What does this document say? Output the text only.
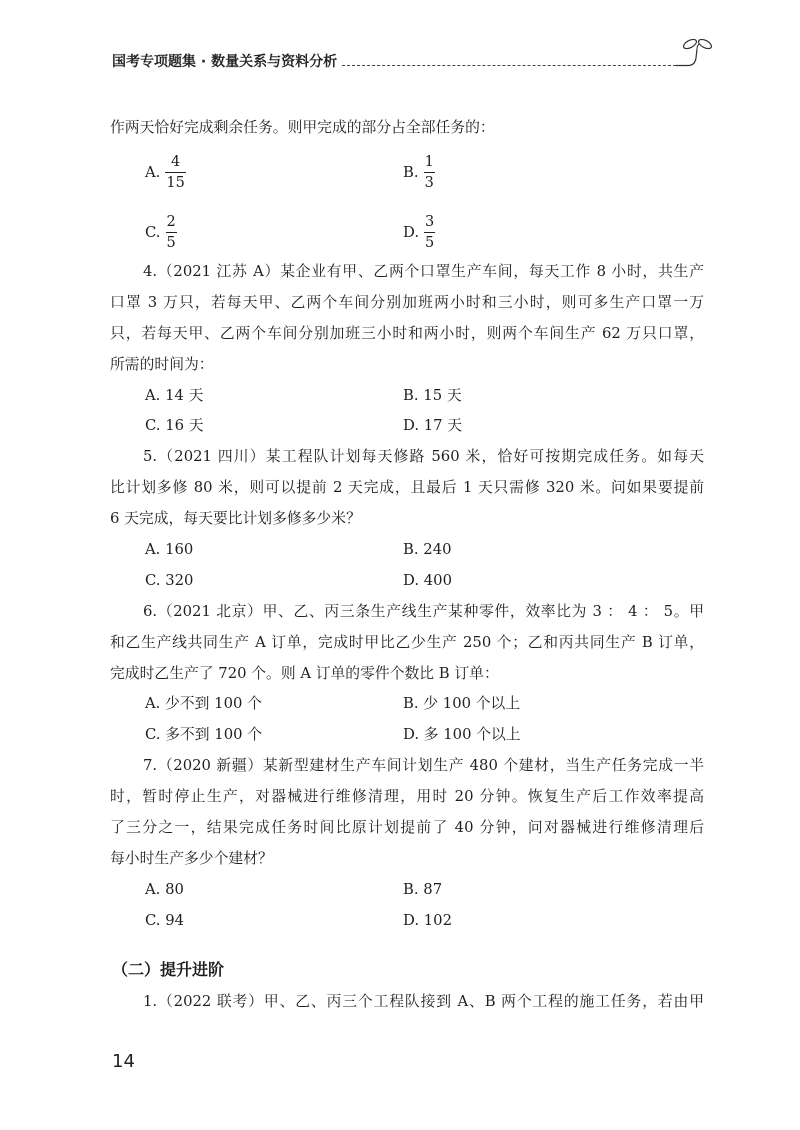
国考专项题集 · 数量关系与资料分析
作两天恰好完成剩余任务。则甲完成的部分占全部任务的：
A. $\frac{4}{15}$	B. $\frac{1}{3}$
C. $\frac{2}{5}$	D. $\frac{3}{5}$
4.（2021 江苏 A）某企业有甲、乙两个口罩生产车间，每天工作 8 小时，共生产
口罩 3 万只，若每天甲、乙两个车间分别加班两小时和三小时，则可多生产口罩一万
只，若每天甲、乙两个车间分别加班三小时和两小时，则两个车间生产 62 万只口罩，
所需的时间为：
A. 14 天	B. 15 天
C. 16 天	D. 17 天
5.（2021 四川）某工程队计划每天修路 560 米，恰好可按期完成任务。如每天
比计划多修 80 米，则可以提前 2 天完成，且最后 1 天只需修 320 米。问如果要提前
6 天完成，每天要比计划多修多少米？
A. 160	B. 240
C. 320	D. 400
6.（2021 北京）甲、乙、丙三条生产线生产某种零件，效率比为 3 ： 4 ： 5。甲
和乙生产线共同生产 A 订单，完成时甲比乙少生产 250 个；乙和丙共同生产 B 订单，
完成时乙生产了 720 个。则 A 订单的零件个数比 B 订单：
A. 少不到 100 个	B. 少 100 个以上
C. 多不到 100 个	D. 多 100 个以上
7.（2020 新疆）某新型建材生产车间计划生产 480 个建材，当生产任务完成一半
时，暂时停止生产，对器械进行维修清理，用时 20 分钟。恢复生产后工作效率提高
了三分之一，结果完成任务时间比原计划提前了 40 分钟，问对器械进行维修清理后
每小时生产多少个建材？
A. 80	B. 87
C. 94	D. 102
（二）提升进阶
1.（2022 联考）甲、乙、丙三个工程队接到 A、B 两个工程的施工任务，若由甲
14
